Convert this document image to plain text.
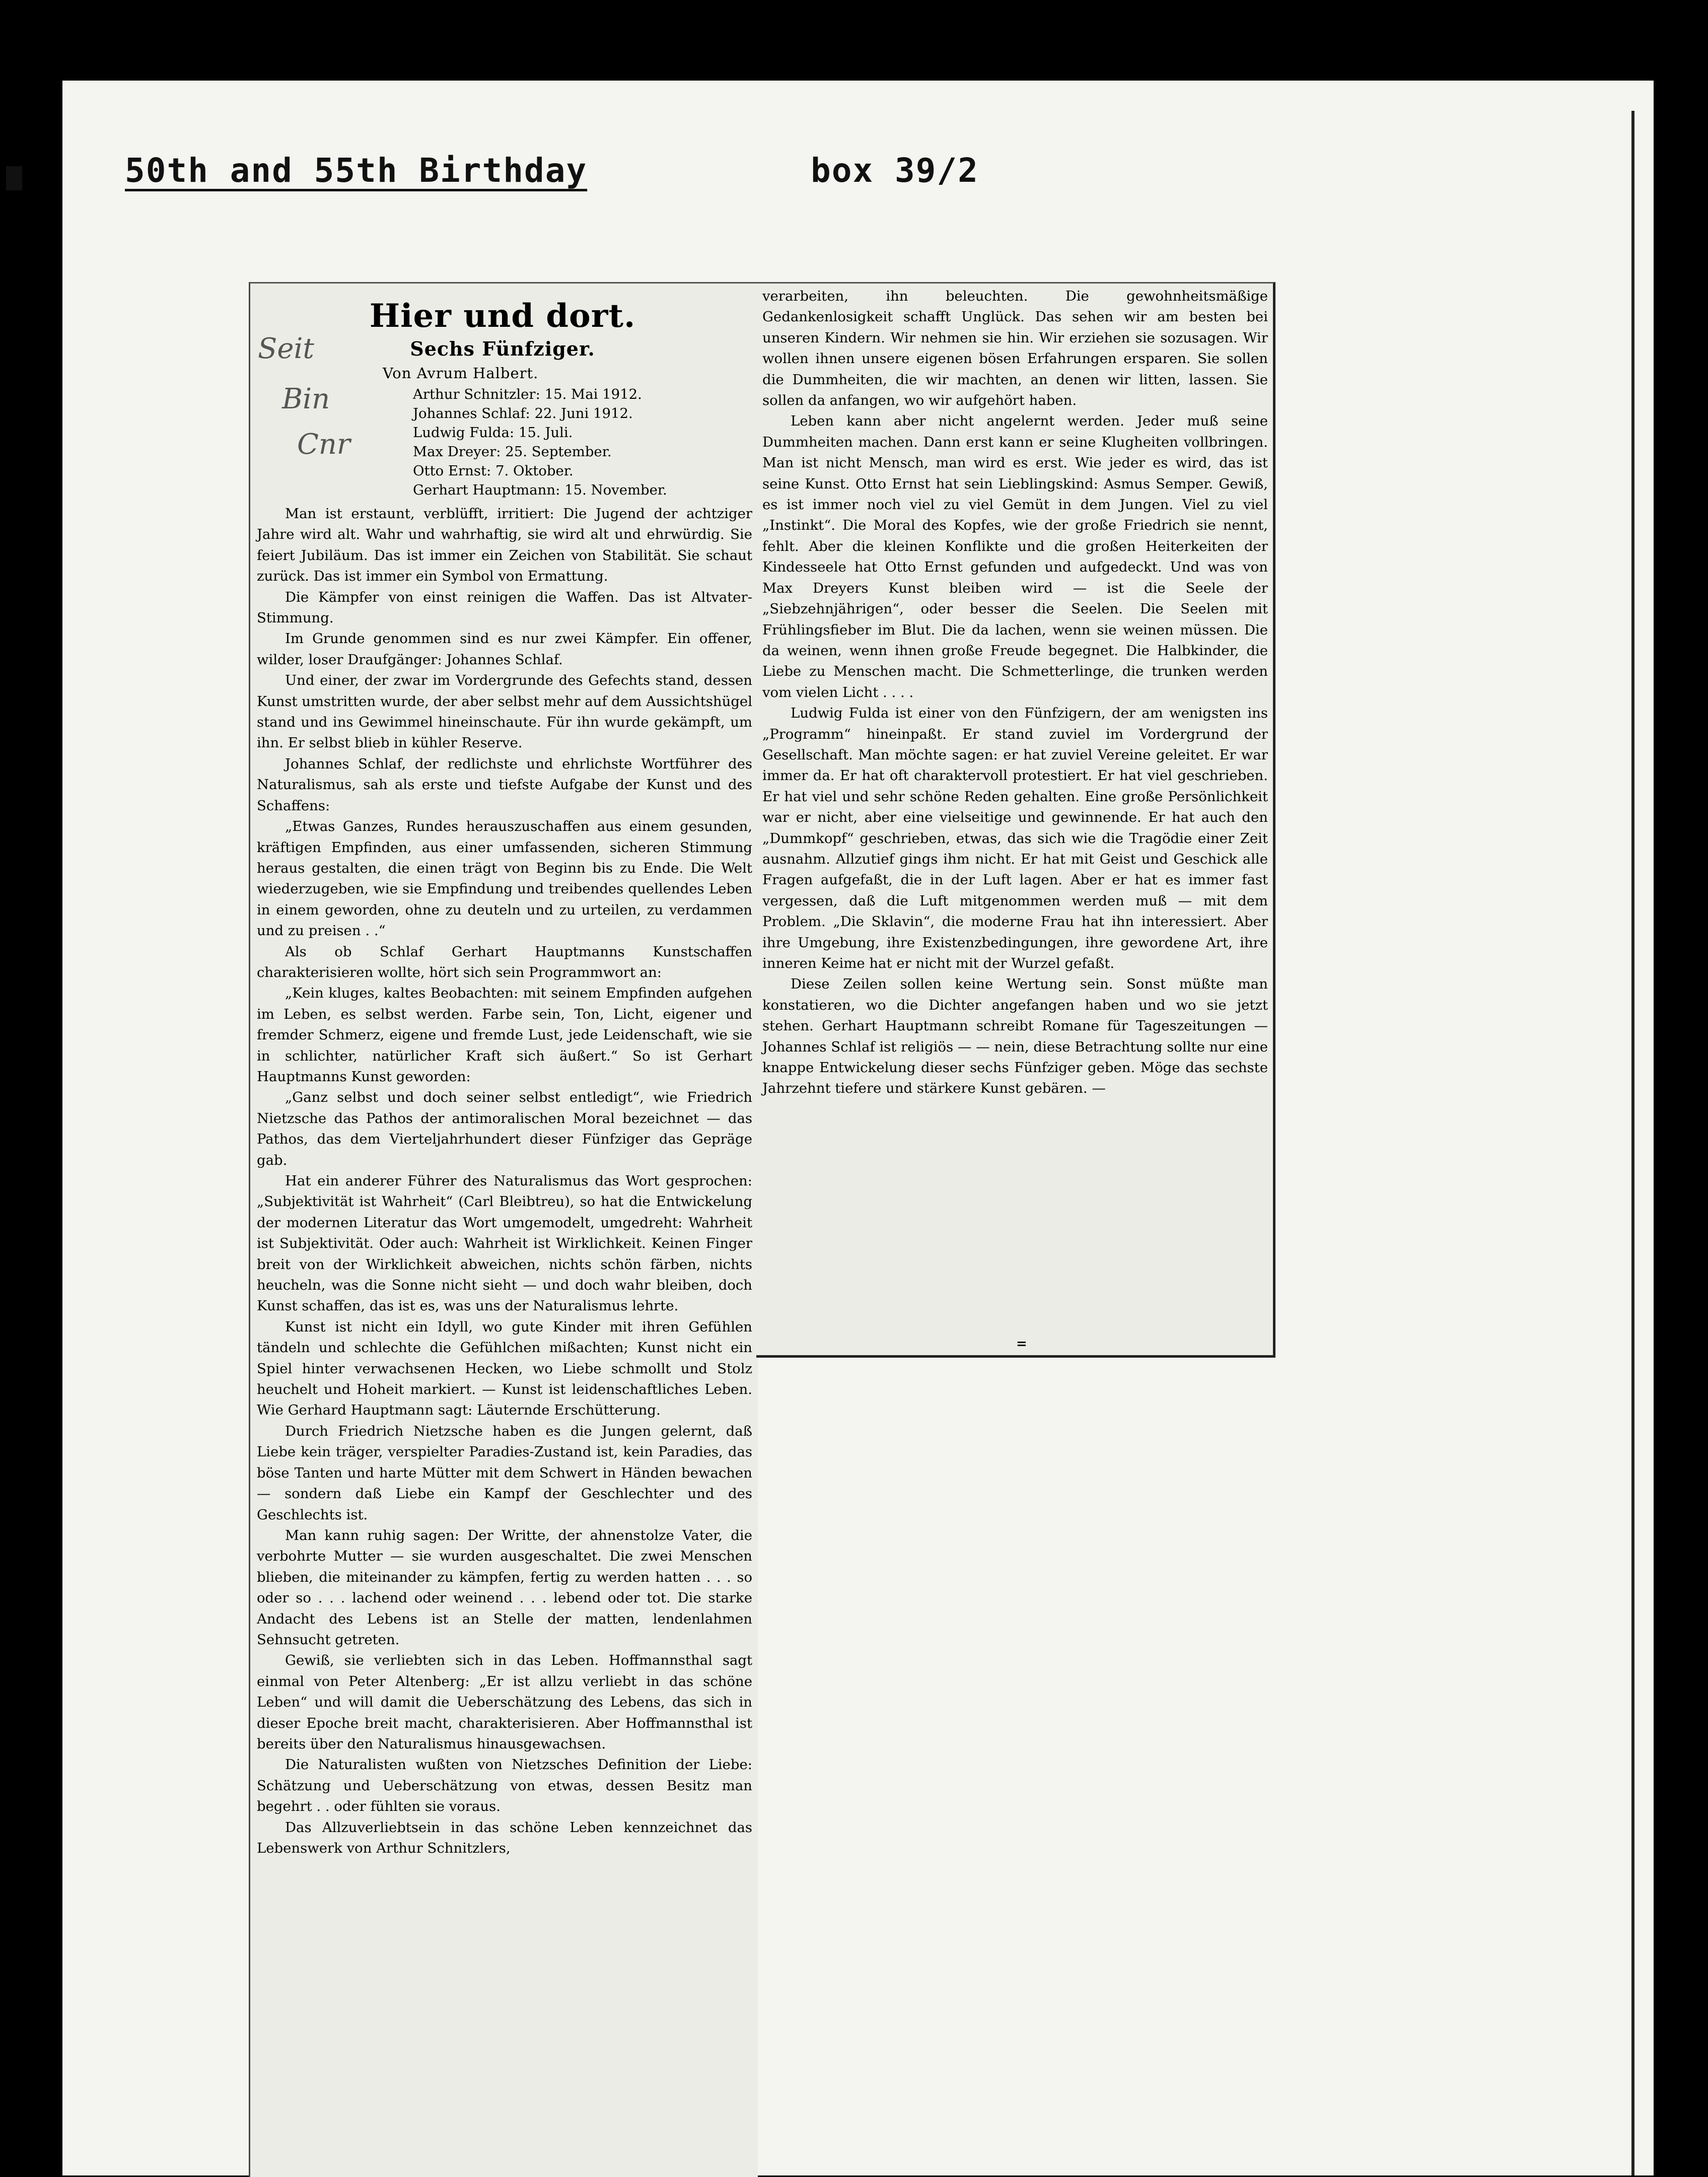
50th and 55th Birthday	box 39/2
Seit
Bin
Cnr
Hier und dort.
Sechs Fünfziger.
Von Avrum Halbert.
Arthur Schnitzler: 15. Mai 1912.
Johannes Schlaf: 22. Juni 1912.
Ludwig Fulda: 15. Juli.
Max Dreyer: 25. September.
Otto Ernst: 7. Oktober.
Gerhart Hauptmann: 15. November.

Man ist erstaunt, verblüfft, irritiert: Die Jugend der achtziger Jahre wird alt. Wahr und wahrhaftig, sie wird alt und ehrwürdig. Sie feiert Jubiläum. Das ist immer ein Zeichen von Stabilität. Sie schaut zurück. Das ist immer ein Symbol von Ermattung.

Die Kämpfer von einst reinigen die Waffen. Das ist Altvater-Stimmung.

Im Grunde genommen sind es nur zwei Kämpfer. Ein offener, wilder, loser Draufgänger: Johannes Schlaf.

Und einer, der zwar im Vordergrunde des Gefechts stand, dessen Kunst umstritten wurde, der aber selbst mehr auf dem Aussichtshügel stand und ins Gewimmel hineinschaute. Für ihn wurde gekämpft, um ihn. Er selbst blieb in kühler Reserve.

Johannes Schlaf, der redlichste und ehrlichste Wortführer des Naturalismus, sah als erste und tiefste Aufgabe der Kunst und des Schaffens:

„Etwas Ganzes, Rundes herauszuschaffen aus einem gesunden, kräftigen Empfinden, aus einer umfassenden, sicheren Stimmung heraus gestalten, die einen trägt von Beginn bis zu Ende. Die Welt wiederzugeben, wie sie Empfindung und treibendes quellendes Leben in einem geworden, ohne zu deuteln und zu urteilen, zu verdammen und zu preisen . .“

Als ob Schlaf Gerhart Hauptmanns Kunstschaffen charakterisieren wollte, hört sich sein Programmwort an:

„Kein kluges, kaltes Beobachten: mit seinem Empfinden aufgehen im Leben, es selbst werden. Farbe sein, Ton, Licht, eigener und fremder Schmerz, eigene und fremde Lust, jede Leidenschaft, wie sie in schlichter, natürlicher Kraft sich äußert.“ So ist Gerhart Hauptmanns Kunst geworden:

„Ganz selbst und doch seiner selbst entledigt“, wie Friedrich Nietzsche das Pathos der antimoralischen Moral bezeichnet — das Pathos, das dem Vierteljahrhundert dieser Fünfziger das Gepräge gab.

Hat ein anderer Führer des Naturalismus das Wort gesprochen: „Subjektivität ist Wahrheit“ (Carl Bleibtreu), so hat die Entwickelung der modernen Literatur das Wort umgemodelt, umgedreht: Wahrheit ist Subjektivität. Oder auch: Wahrheit ist Wirklichkeit. Keinen Finger breit von der Wirklichkeit abweichen, nichts schön färben, nichts heucheln, was die Sonne nicht sieht — und doch wahr bleiben, doch Kunst schaffen, das ist es, was uns der Naturalismus lehrte.

Kunst ist nicht ein Idyll, wo gute Kinder mit ihren Gefühlen tändeln und schlechte die Gefühlchen mißachten; Kunst nicht ein Spiel hinter verwachsenen Hecken, wo Liebe schmollt und Stolz heuchelt und Hoheit markiert. — Kunst ist leidenschaftliches Leben. Wie Gerhard Hauptmann sagt: Läuternde Erschütterung.

Durch Friedrich Nietzsche haben es die Jungen gelernt, daß Liebe kein träger, verspielter Paradies-Zustand ist, kein Paradies, das böse Tanten und harte Mütter mit dem Schwert in Händen bewachen — sondern daß Liebe ein Kampf der Geschlechter und des Geschlechts ist.

Man kann ruhig sagen: Der Writte, der ahnenstolze Vater, die verbohrte Mutter — sie wurden ausgeschaltet. Die zwei Menschen blieben, die miteinander zu kämpfen, fertig zu werden hatten . . . so oder so . . . lachend oder weinend . . . lebend oder tot. Die starke Andacht des Lebens ist an Stelle der matten, lendenlahmen Sehnsucht getreten.

Gewiß, sie verliebten sich in das Leben. Hoffmannsthal sagt einmal von Peter Altenberg: „Er ist allzu verliebt in das schöne Leben“ und will damit die Ueberschätzung des Lebens, das sich in dieser Epoche breit macht, charakterisieren. Aber Hoffmannsthal ist bereits über den Naturalismus hinausgewachsen.

Die Naturalisten wußten von Nietzsches Definition der Liebe: Schätzung und Ueberschätzung von etwas, dessen Besitz man begehrt . . oder fühlten sie voraus.

Das Allzuverliebtsein in das schöne Leben kennzeichnet das Lebenswerk von Arthur Schnitzlers,

verarbeiten, ihn beleuchten. Die gewohnheitsmäßige Gedankenlosigkeit schafft Unglück. Das sehen wir am besten bei unseren Kindern. Wir nehmen sie hin. Wir erziehen sie sozusagen. Wir wollen ihnen unsere eigenen bösen Erfahrungen ersparen. Sie sollen die Dummheiten, die wir machten, an denen wir litten, lassen. Sie sollen da anfangen, wo wir aufgehört haben.

Leben kann aber nicht angelernt werden. Jeder muß seine Dummheiten machen. Dann erst kann er seine Klugheiten vollbringen. Man ist nicht Mensch, man wird es erst. Wie jeder es wird, das ist seine Kunst. Otto Ernst hat sein Lieblingskind: Asmus Semper. Gewiß, es ist immer noch viel zu viel Gemüt in dem Jungen. Viel zu viel „Instinkt“. Die Moral des Kopfes, wie der große Friedrich sie nennt, fehlt. Aber die kleinen Konflikte und die großen Heiterkeiten der Kindesseele hat Otto Ernst gefunden und aufgedeckt. Und was von Max Dreyers Kunst bleiben wird — ist die Seele der „Siebzehnjährigen“, oder besser die Seelen. Die Seelen mit Frühlingsfieber im Blut. Die da lachen, wenn sie weinen müssen. Die da weinen, wenn ihnen große Freude begegnet. Die Halbkinder, die Liebe zu Menschen macht. Die Schmetterlinge, die trunken werden vom vielen Licht . . . .

Ludwig Fulda ist einer von den Fünfzigern, der am wenigsten ins „Programm“ hineinpaßt. Er stand zuviel im Vordergrund der Gesellschaft. Man möchte sagen: er hat zuviel Vereine geleitet. Er war immer da. Er hat oft charaktervoll protestiert. Er hat viel geschrieben. Er hat viel und sehr schöne Reden gehalten. Eine große Persönlichkeit war er nicht, aber eine vielseitige und gewinnende. Er hat auch den „Dummkopf“ geschrieben, etwas, das sich wie die Tragödie einer Zeit ausnahm. Allzutief gings ihm nicht. Er hat mit Geist und Geschick alle Fragen aufgefaßt, die in der Luft lagen. Aber er hat es immer fast vergessen, daß die Luft mitgenommen werden muß — mit dem Problem. „Die Sklavin“, die moderne Frau hat ihn interessiert. Aber ihre Umgebung, ihre Existenzbedingungen, ihre gewordene Art, ihre inneren Keime hat er nicht mit der Wurzel gefaßt.

Diese Zeilen sollen keine Wertung sein. Sonst müßte man konstatieren, wo die Dichter angefangen haben und wo sie jetzt stehen. Gerhart Hauptmann schreibt Romane für Tageszeitungen — Johannes Schlaf ist religiös — — nein, diese Betrachtung sollte nur eine knappe Entwickelung dieser sechs Fünfziger geben. Möge das sechste Jahrzehnt tiefere und stärkere Kunst gebären. —

=
